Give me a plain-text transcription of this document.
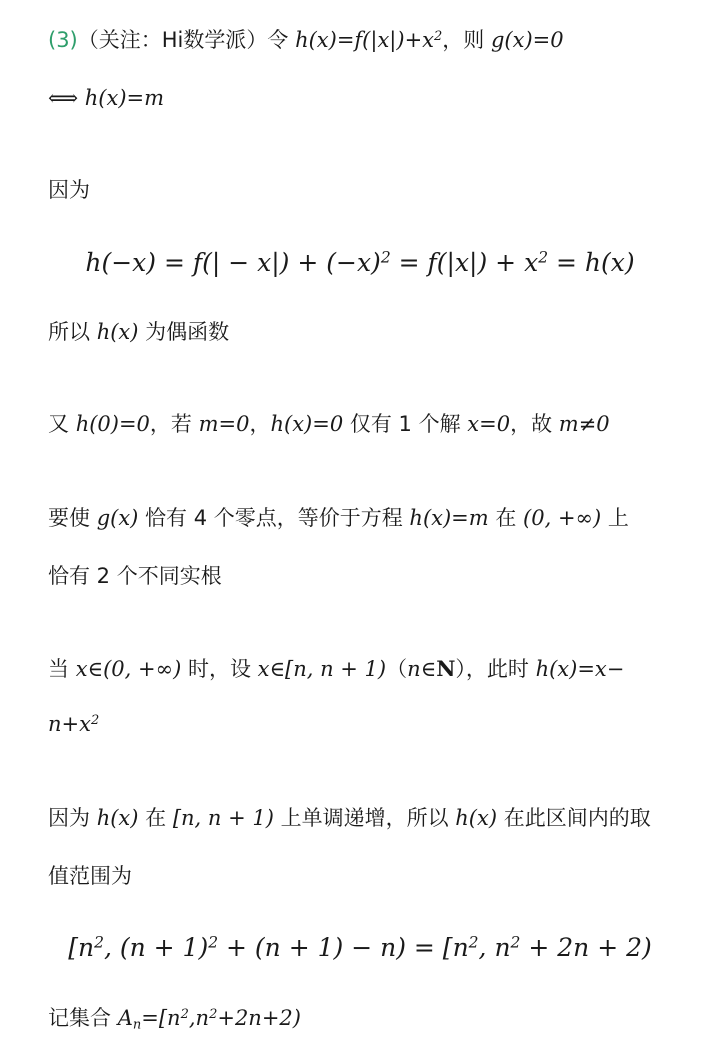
(3)（关注：Hi数学派）令 $h(x)=f(|x|)+x^2$，则 g(x)=0
⟺ h(x)=m
因为
$h(-x) = f(| - x|) + (-x)^2 = f(|x|) + x^2 = h(x)$
所以 h(x) 为偶函数
又 h(0)=0，若 m=0，h(x)=0 仅有 1 个解 x=0，故 m≠0
要使 g(x) 恰有 4 个零点，等价于方程 h(x)=m 在 (0, +∞) 上
恰有 2 个不同实根
当 x∈(0, +∞) 时，设 x∈[n, n + 1)（n∈N），此时 h(x)=x−
$n+x^2$
因为 h(x) 在 [n, n + 1) 上单调递增，所以 h(x) 在此区间内的取
值范围为
[$n^2$, $(n + 1)^2 + (n + 1) - n) = [n^2$, $n^2 + 2n + 2$)
记集合 $A_n=[n^2,n^2+2n+2)$
